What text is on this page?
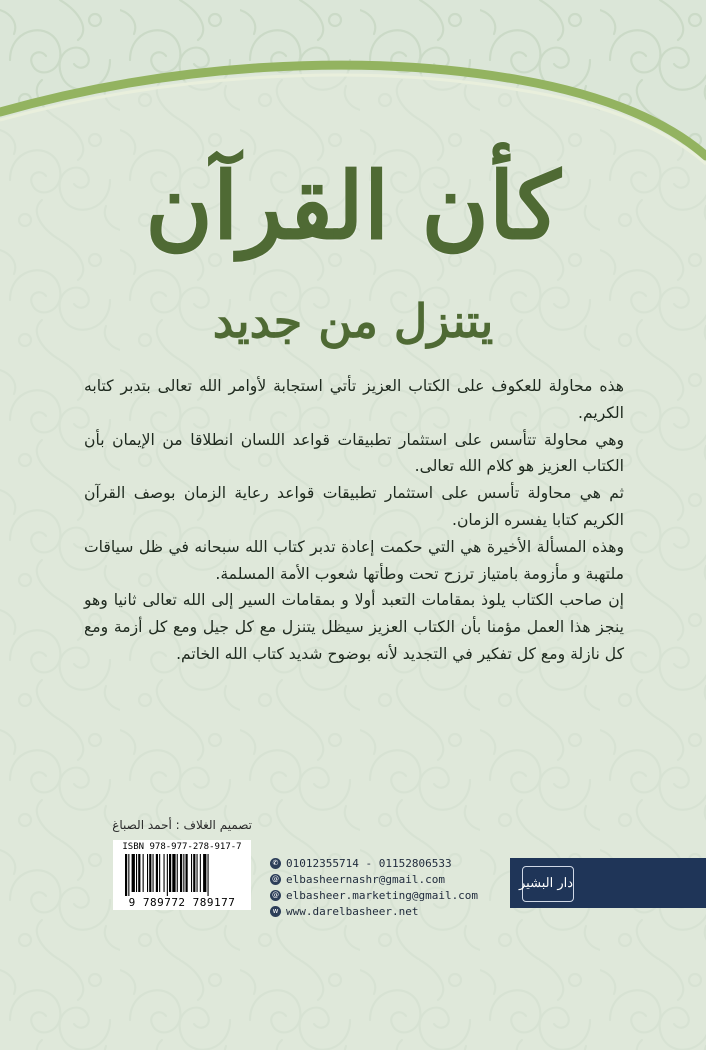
كأن القرآن
يتنزل من جديد

هذه محاولة للعكوف على الكتاب العزيز تأتي استجابة لأوامر الله تعالى بتدبر كتابه الكريم.

وهي محاولة تتأسس على استثمار تطبيقات قواعد اللسان انطلاقا من الإيمان بأن الكتاب العزيز هو كلام الله تعالى.

ثم هي محاولة تأسس على استثمار تطبيقات قواعد رعاية الزمان بوصف القرآن الكريم كتابا يفسره الزمان.

وهذه المسألة الأخيرة هي التي حكمت إعادة تدبر كتاب الله سبحانه في ظل سياقات ملتهبة و مأزومة بامتياز ترزح تحت وطأتها شعوب الأمة المسلمة.

إن صاحب الكتاب يلوذ بمقامات التعبد أولا و بمقامات السير إلى الله تعالى ثانيا وهو ينجز هذا العمل مؤمنا بأن الكتاب العزيز سيظل يتنزل مع كل جيل ومع كل أزمة ومع كل نازلة ومع كل تفكير في التجديد لأنه بوضوح شديد كتاب الله الخاتم.

تصميم الغلاف : أحمد الصباغ
ISBN 978-977-278-917-7
9 789772 789177
✆ 01012355714 - 01152806533
@ elbasheernashr@gmail.com
@ elbasheer.marketing@gmail.com
w www.darelbasheer.net
دار البشير
